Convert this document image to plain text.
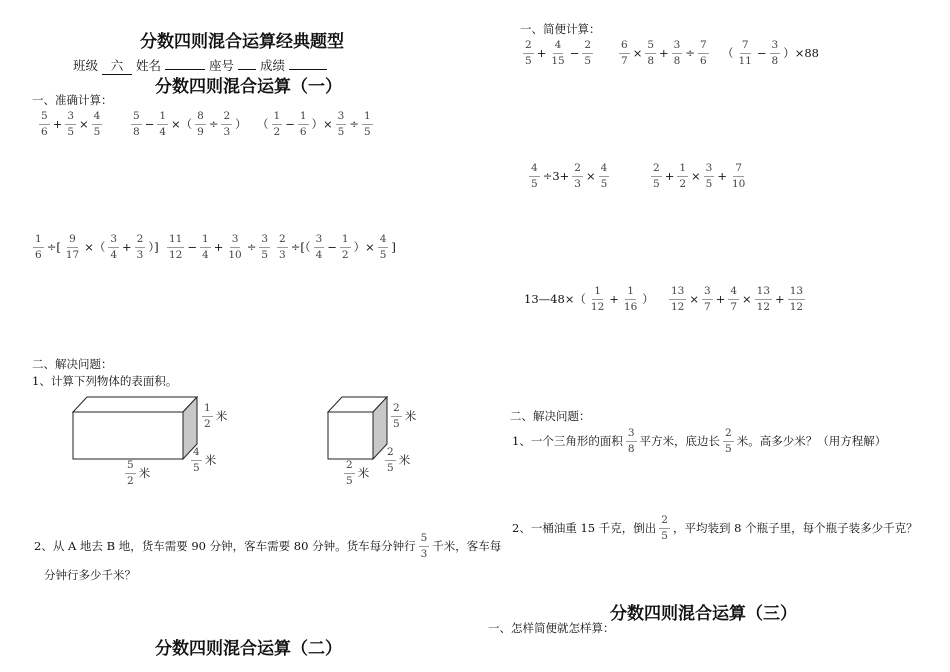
分数四则混合运算经典题型
班级 六 姓名	座号 成绩
分数四则混合运算（一）
一、准确计算：
$\frac{5}{6} + \frac{3}{5} \times \frac{4}{5}$	$\frac{5}{8} - \frac{1}{4}$ ×（ $\frac{8}{9} \div \frac{2}{3}$ ） （ $\frac{1}{2} - \frac{1}{6}$ ）× $\frac{3}{5} \div \frac{1}{5}$
$\frac{1}{6}$ ÷[ $\frac{9}{17}$ ×（ $\frac{3}{4} + \frac{2}{3}$ ）] $\frac{11}{12} - \frac{1}{4} + \frac{3}{10} \div \frac{3}{5} \frac{2}{3}$ ÷[（ $\frac{3}{4} - \frac{1}{2}$ ）× $\frac{4}{5}$ ]
二、解决问题：
1、计算下列物体的表面积。
$\frac{1}{2}$ 米
$\frac{5}{2}$ 米	$\frac{4}{5}$ 米
$\frac{2}{5}$ 米
$\frac{2}{5}$ 米 $\frac{2}{5}$ 米
2、从 A 地去 B 地，货车需要 90 分钟，客车需要 80 分钟。货车每分钟行 $\frac{5}{3}$ 千米，客车每
分钟行多少千米？
分数四则混合运算（二）
一、简便计算：
$\frac{2}{5} + \frac{4}{15} - \frac{2}{5} \frac{6}{7} \times \frac{5}{8} + \frac{3}{8} \div \frac{7}{6}$ （ $\frac{7}{11} - \frac{3}{8} )\times 88$
$\frac{4}{5} \div 3+ \frac{2}{3} \times \frac{4}{5}$	$\frac{2}{5} + \frac{1}{2} \times \frac{3}{5} + \frac{7}{10}$
13—48×（ $\frac{1}{12} + \frac{1}{16}$ ） $\frac{13}{12} \times \frac{3}{7} + \frac{4}{7} \times \frac{13}{12} + \frac{13}{12}$
二、解决问题：
1、一个三角形的面积 $\frac{3}{8}$ 平方米，底边长 $\frac{2}{5}$ 米。高多少米？（用方程解）
2、一桶油重 15 千克，倒出 $\frac{2}{5}$ ，平均装到 8 个瓶子里，每个瓶子装多少千克？
分数四则混合运算（三）
一、怎样简便就怎样算：
